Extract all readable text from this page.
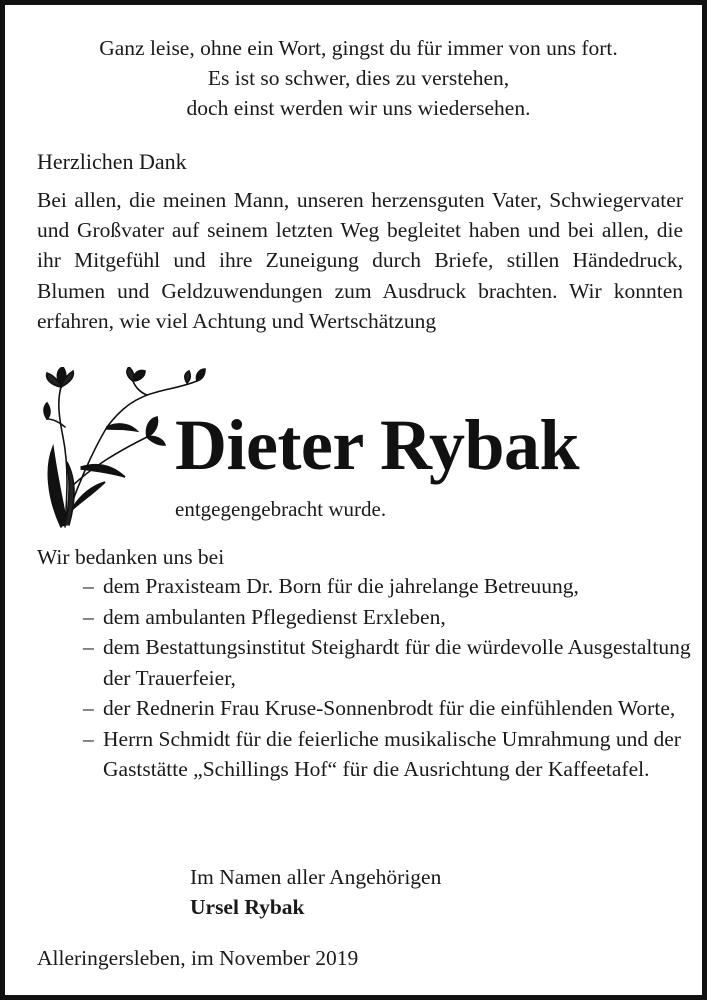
Ganz leise, ohne ein Wort, gingst du für immer von uns fort.
Es ist so schwer, dies zu verstehen,
doch einst werden wir uns wiedersehen.
Herzlichen Dank
Bei allen, die meinen Mann, unseren herzensguten Vater, Schwiegervater und Großvater auf seinem letzten Weg begleitet haben und bei allen, die ihr Mitgefühl und ihre Zuneigung durch Briefe, stillen Händedruck, Blumen und Geldzuwendungen zum Ausdruck brachten. Wir konnten erfahren, wie viel Achtung und Wertschätzung
Dieter Rybak
entgegengebracht wurde.
Wir bedanken uns bei
– dem Praxisteam Dr. Born für die jahrelange Betreuung,
– dem ambulanten Pflegedienst Erxleben,
– dem Bestattungsinstitut Steighardt für die würdevolle Ausgestaltung der Trauerfeier,
– der Rednerin Frau Kruse-Sonnenbrodt für die einfühlenden Worte,
– Herrn Schmidt für die feierliche musikalische Umrahmung und der Gaststätte „Schillings Hof“ für die Ausrichtung der Kaffeetafel.
Im Namen aller Angehörigen
Ursel Rybak
Alleringersleben, im November 2019
